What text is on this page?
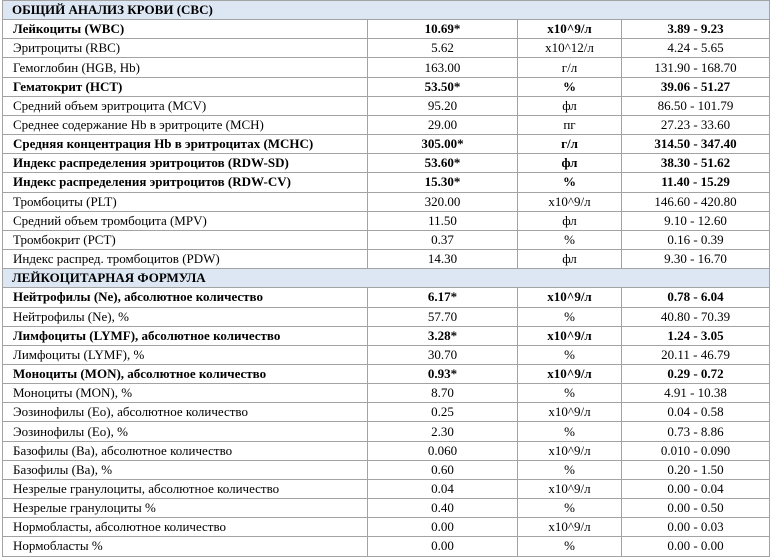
ОБЩИЙ АНАЛИЗ КРОВИ (CBC)			
Лейкоциты (WBC)	10.69*	x10^9/л	3.89 - 9.23
Эритроциты (RBC)	5.62	x10^12/л	4.24 - 5.65
Гемоглобин (HGB, Hb)	163.00	г/л	131.90 - 168.70
Гематокрит (HCT)	53.50*	%	39.06 - 51.27
Средний объем эритроцита (MCV)	95.20	фл	86.50 - 101.79
Среднее содержание Hb в эритроците (MCH)	29.00	пг	27.23 - 33.60
Средняя концентрация Hb в эритроцитах (MCHC)	305.00*	г/л	314.50 - 347.40
Индекс распределения эритроцитов (RDW-SD)	53.60*	фл	38.30 - 51.62
Индекс распределения эритроцитов (RDW-CV)	15.30*	%	11.40 - 15.29
Тромбоциты (PLT)	320.00	x10^9/л	146.60 - 420.80
Средний объем тромбоцита (MPV)	11.50	фл	9.10 - 12.60
Тромбокрит (PCT)	0.37	%	0.16 - 0.39
Индекс распред. тромбоцитов (PDW)	14.30	фл	9.30 - 16.70
ЛЕЙКОЦИТАРНАЯ ФОРМУЛА			
Нейтрофилы (Ne), абсолютное количество	6.17*	x10^9/л	0.78 - 6.04
Нейтрофилы (Ne), %	57.70	%	40.80 - 70.39
Лимфоциты (LYMF), абсолютное количество	3.28*	x10^9/л	1.24 - 3.05
Лимфоциты (LYMF), %	30.70	%	20.11 - 46.79
Моноциты (MON), абсолютное количество	0.93*	x10^9/л	0.29 - 0.72
Моноциты (MON), %	8.70	%	4.91 - 10.38
Эозинофилы (Eo), абсолютное количество	0.25	x10^9/л	0.04 - 0.58
Эозинофилы (Eo), %	2.30	%	0.73 - 8.86
Базофилы (Ba), абсолютное количество	0.060	x10^9/л	0.010 - 0.090
Базофилы (Ba), %	0.60	%	0.20 - 1.50
Незрелые гранулоциты, абсолютное количество	0.04	x10^9/л	0.00 - 0.04
Незрелые гранулоциты %	0.40	%	0.00 - 0.50
Нормобласты, абсолютное количество	0.00	x10^9/л	0.00 - 0.03
Нормобласты %	0.00	%	0.00 - 0.00
